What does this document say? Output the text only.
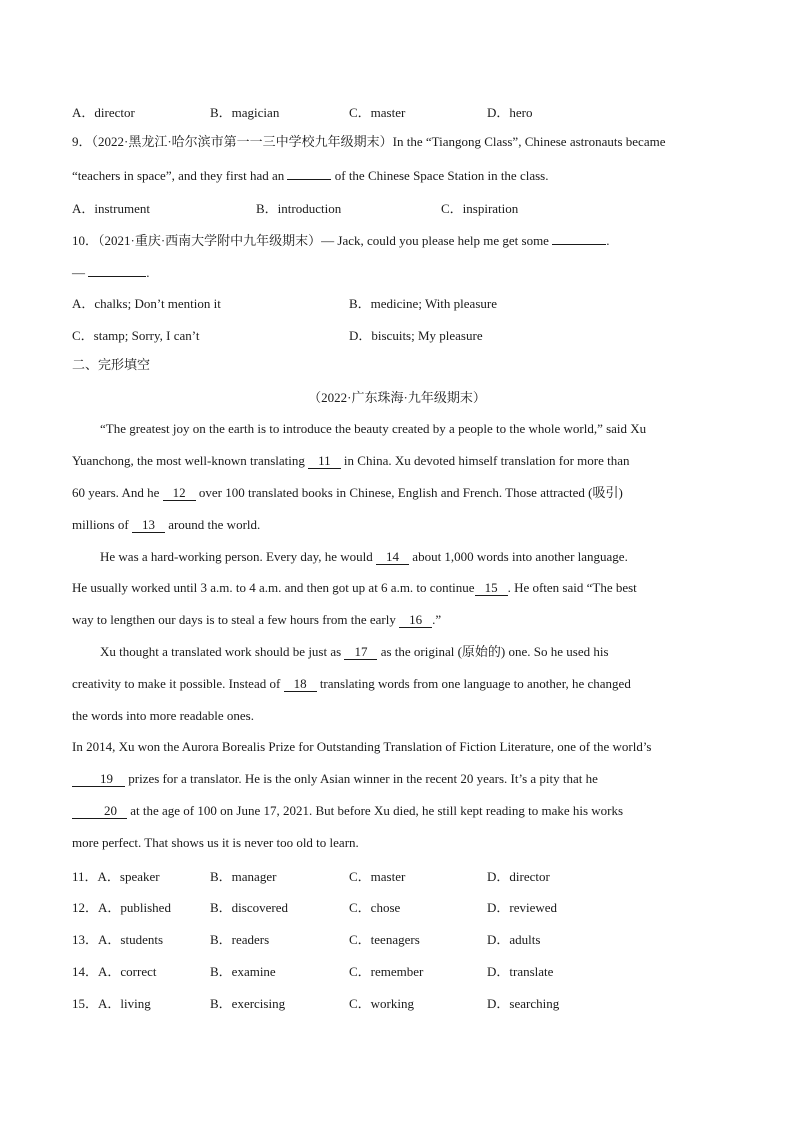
A．director	B．magician	C．master	D．hero
9．（2022·黑龙江·哈尔滨市第一一三中学校九年级期末）In the “Tiangong Class”, Chinese astronauts became
“teachers in space”, and they first had an	of the Chinese Space Station in the class.
A．instrument	B．introduction	C．inspiration
10．（2021·重庆·西南大学附中九年级期末）— Jack, could you please help me get some	.
—	.
A．chalks; Don’t mention it	B．medicine; With pleasure
C．stamp; Sorry, I can’t	D．biscuits; My pleasure
二、完形填空
（2022·广东珠海·九年级期末）
“The greatest joy on the earth is to introduce the beauty created by a people to the whole world,” said Xu
Yuanchong, the most well-known translating 11 in China. Xu devoted himself translation for more than
60 years. And he 12 over 100 translated books in Chinese, English and French. Those attracted (吸引)
millions of 13 around the world.
He was a hard-working person. Every day, he would 14 about 1,000 words into another language.
He usually worked until 3 a.m. to 4 a.m. and then got up at 6 a.m. to continue 15 . He often said “The best
way to lengthen our days is to steal a few hours from the early 16 .”
Xu thought a translated work should be just as 17 as the original (原始的) one. So he used his
creativity to make it possible. Instead of 18 translating words from one language to another, he changed
the words into more readable ones.
In 2014, Xu won the Aurora Borealis Prize for Outstanding Translation of Fiction Literature, one of the world’s
19 prizes for a translator. He is the only Asian winner in the recent 20 years. It’s a pity that he
20 at the age of 100 on June 17, 2021. But before Xu died, he still kept reading to make his works
more perfect. That shows us it is never too old to learn.
11．A．speaker	B．manager	C．master	D．director
12．A．published	B．discovered	C．chose	D．reviewed
13．A．students	B．readers	C．teenagers	D．adults
14．A．correct	B．examine	C．remember	D．translate
15．A．living	B．exercising	C．working	D．searching
